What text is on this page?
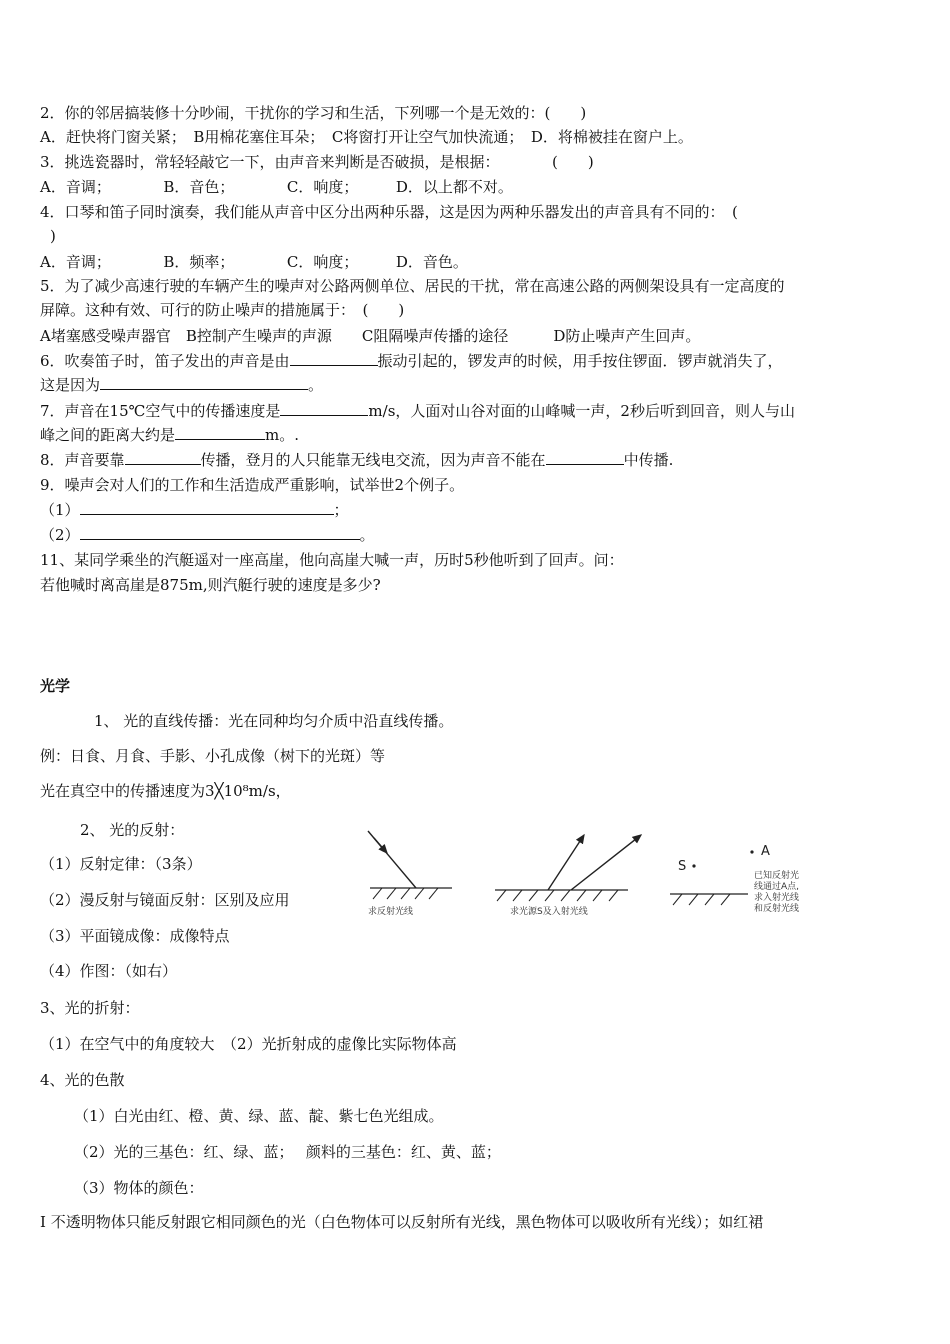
2．你的邻居搞装修十分吵闹，干扰你的学习和生活，下列哪一个是无效的：(　　)
A．赶快将门窗关紧；　B用棉花塞住耳朵；　C将窗打开让空气加快流通；　D．将棉被挂在窗户上。
3．挑选瓷器时，常轻轻敲它一下，由声音来判断是否破损，是根据：　　　　(　　)
A．音调；　　　　B．音色；　　　　C．响度；　　　D．以上都不对。
4．口琴和笛子同时演奏，我们能从声音中区分出两种乐器，这是因为两种乐器发出的声音具有不同的：　(
)
A．音调；　　　　B．频率；　　　　C．响度；　　　D．音色。
5．为了减少高速行驶的车辆产生的噪声对公路两侧单位、居民的干扰，常在高速公路的两侧架设具有一定高度的
屏障。这种有效、可行的防止噪声的措施属于：　(　　)
A堵塞感受噪声器官　B控制产生噪声的声源　　C阻隔噪声传播的途径　　　D防止噪声产生回声。
6．吹奏笛子时，笛子发出的声音是由	振动引起的，锣发声的时候，用手按住锣面．锣声就消失了，
这是因为	。
7．声音在15℃空气中的传播速度是	m/s，人面对山谷对面的山峰喊一声，2秒后听到回音，则人与山
峰之间的距离大约是	m。.
8．声音要靠	传播，登月的人只能靠无线电交流，因为声音不能在	中传播.
9．噪声会对人们的工作和生活造成严重影响，试举世2个例子。
（1）	；
（2）	。
11、某同学乘坐的汽艇遥对一座高崖，他向高崖大喊一声，历时5秒他听到了回声。问：
若他喊时离高崖是875m,则汽艇行驶的速度是多少?
光学
1、 光的直线传播：光在同种均匀介质中沿直线传播。
例：日食、月食、手影、小孔成像（树下的光斑）等
光在真空中的传播速度为3╳10⁸m/s，
2、 光的反射：
（1）反射定律：（3条）
（2）漫反射与镜面反射：区别及应用
（3）平面镜成像：成像特点
（4）作图：（如右）
3、光的折射：
（1）在空气中的角度较大　（2）光折射成的虚像比实际物体高
4、光的色散
（1）白光由红、橙、黄、绿、蓝、靛、紫七色光组成。
（2）光的三基色：红、绿、蓝；　 颜料的三基色：红、黄、蓝；
（3）物体的颜色：
Ⅰ 不透明物体只能反射跟它相同颜色的光（白色物体可以反射所有光线，黑色物体可以吸收所有光线）；如红裙
求反射光线	求光源S及入射光线
S
A
已知反射光 线通过A点, 求入射光线 和反射光线
